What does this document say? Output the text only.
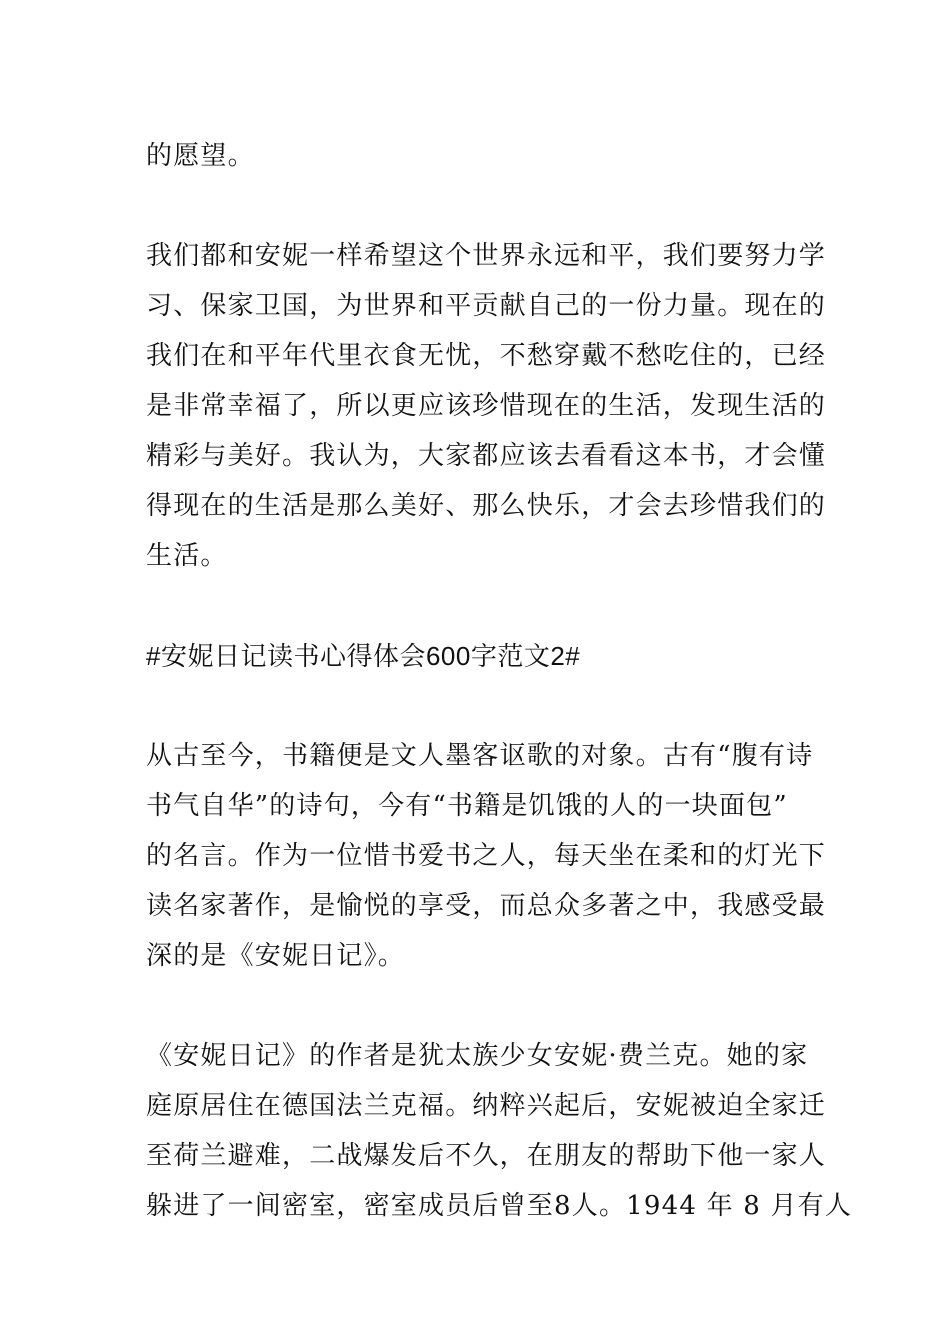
的愿望。
我们都和安妮一样希望这个世界永远和平，我们要努力学
习、保家卫国，为世界和平贡献自己的一份力量。现在的
我们在和平年代里衣食无忧，不愁穿戴不愁吃住的，已经
是非常幸福了，所以更应该珍惜现在的生活，发现生活的
精彩与美好。我认为，大家都应该去看看这本书，才会懂
得现在的生活是那么美好、那么快乐，才会去珍惜我们的
生活。
#安妮日记读书心得体会600字范文2#
从古至今，书籍便是文人墨客讴歌的对象。古有“腹有诗
书气自华”的诗句，今有“书籍是饥饿的人的一块面包”
的名言。作为一位惜书爱书之人，每天坐在柔和的灯光下
读名家著作，是愉悦的享受，而总众多著之中，我感受最
深的是《安妮日记》。
《安妮日记》的作者是犹太族少女安妮·费兰克。她的家
庭原居住在德国法兰克福。纳粹兴起后，安妮被迫全家迁
至荷兰避难，二战爆发后不久，在朋友的帮助下他一家人
躲进了一间密室，密室成员后曾至8人。1944 年 8 月有人
